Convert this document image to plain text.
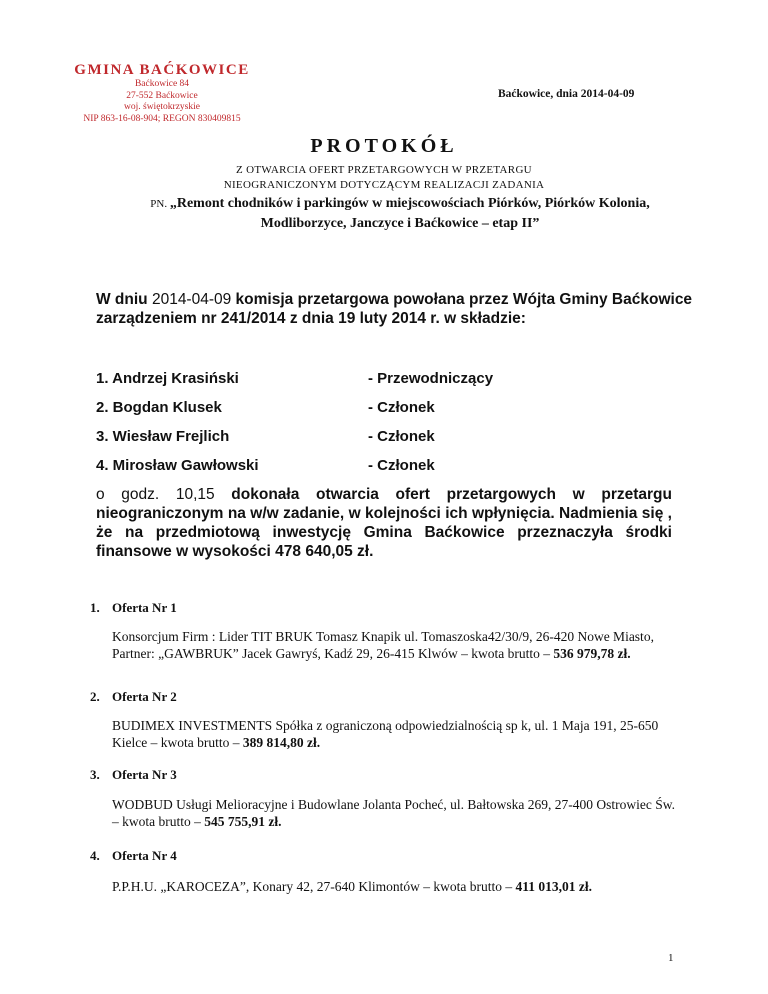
GMINA BAĆKOWICE
Baćkowice 84
27-552 Baćkowice
woj. świętokrzyskie
NIP 863-16-08-904; REGON 830409815
Baćkowice, dnia 2014-04-09
PROTOKÓŁ
Z OTWARCIA OFERT PRZETARGOWYCH W PRZETARGU
NIEOGRANICZONYM DOTYCZĄCYM REALIZACJI ZADANIA
PN. „Remont chodników i parkingów w miejscowościach Piórków, Piórków Kolonia, Modliborzyce, Janczyce i Baćkowice – etap II”
W dniu 2014-04-09 komisja przetargowa powołana przez Wójta Gminy Baćkowice zarządzeniem nr 241/2014 z dnia 19 luty 2014 r. w składzie:
1. Andrzej Krasiński	- Przewodniczący
2. Bogdan Klusek	- Członek
3. Wiesław Frejlich	- Członek
4. Mirosław Gawłowski	- Członek
o godz. 10,15 dokonała otwarcia ofert przetargowych w przetargu nieograniczonym na w/w zadanie, w kolejności ich wpłynięcia. Nadmienia się , że na przedmiotową inwestycję Gmina Baćkowice przeznaczyła środki finansowe w wysokości 478 640,05 zł.
1. Oferta Nr 1
Konsorcjum Firm : Lider TIT BRUK Tomasz Knapik ul. Tomaszoska42/30/9, 26-420 Nowe Miasto, Partner: „GAWBRUK” Jacek Gawryś, Kadź 29, 26-415 Klwów – kwota brutto – 536 979,78 zł.
2. Oferta Nr 2
BUDIMEX INVESTMENTS Spółka z ograniczoną odpowiedzialnością sp k, ul. 1 Maja 191, 25-650 Kielce – kwota brutto – 389 814,80 zł.
3. Oferta Nr 3
WODBUD Usługi Melioracyjne i Budowlane Jolanta Pocheć, ul. Bałtowska 269, 27-400 Ostrowiec Św. – kwota brutto – 545 755,91 zł.
4. Oferta Nr 4
P.P.H.U. „KAROCEZA”, Konary 42, 27-640 Klimontów – kwota brutto – 411 013,01 zł.
1
